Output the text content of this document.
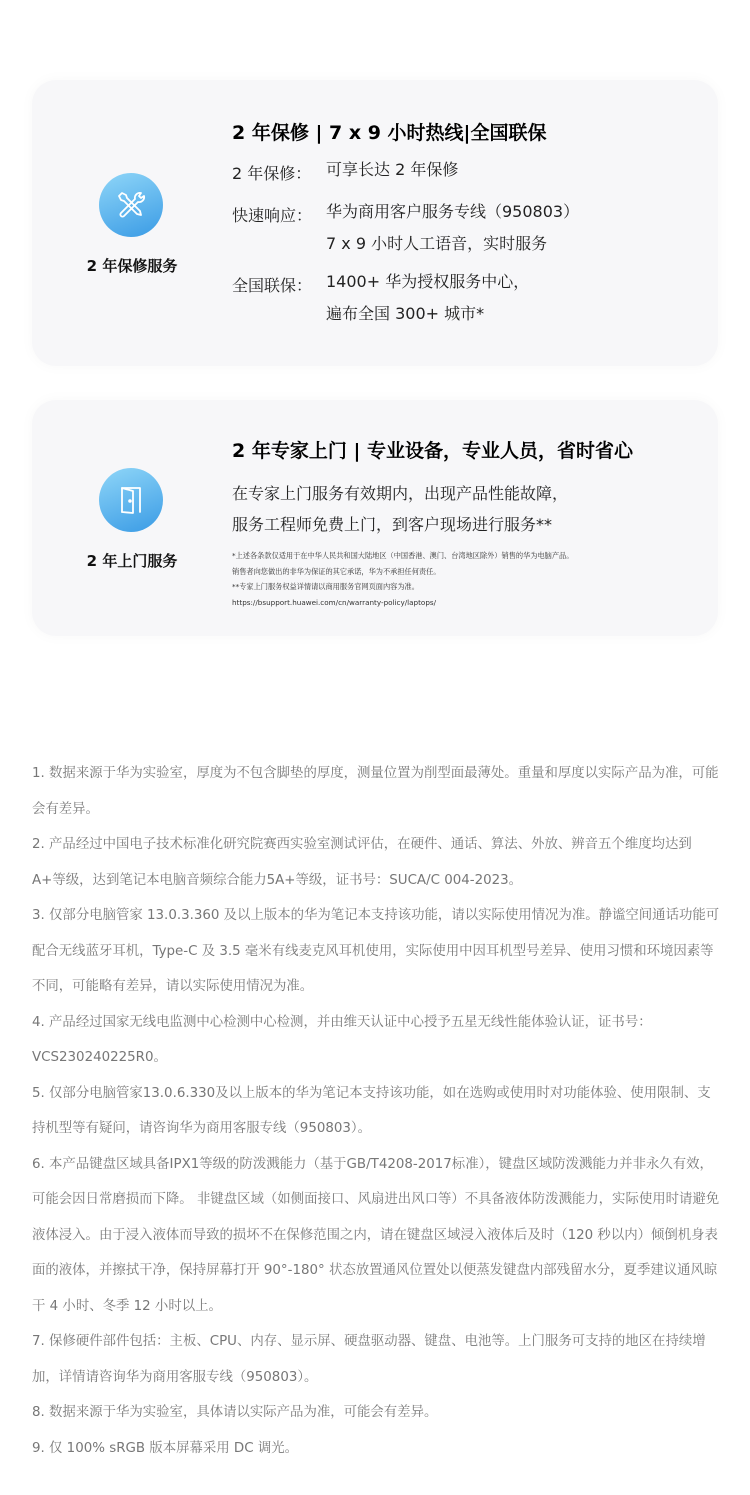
2 年保修服务
2 年保修 | 7 x 9 小时热线|全国联保
2 年保修： 可享长达 2 年保修
快速响应： 华为商用客户服务专线（950803）
7 x 9 小时人工语音，实时服务
全国联保： 1400+ 华为授权服务中心，
遍布全国 300+ 城市*
2 年上门服务
2 年专家上门 | 专业设备，专业人员，省时省心
在专家上门服务有效期内，出现产品性能故障，
服务工程师免费上门，到客户现场进行服务**
*上述各条款仅适用于在中华人民共和国大陆地区（中国香港、澳门、台湾地区除外）销售的华为电脑产品。
销售者向您做出的非华为保证的其它承诺，华为不承担任何责任。
**专家上门服务权益详情请以商用服务官网页面内容为准。
https://bsupport.huawei.com/cn/warranty-policy/laptops/

1. 数据来源于华为实验室，厚度为不包含脚垫的厚度，测量位置为削型面最薄处。重量和厚度以实际产品为准，可能会有差异。

2. 产品经过中国电子技术标准化研究院赛西实验室测试评估，在硬件、通话、算法、外放、辨音五个维度均达到A+等级，达到笔记本电脑音频综合能力5A+等级，证书号：SUCA/C 004-2023。

3. 仅部分电脑管家 13.0.3.360 及以上版本的华为笔记本支持该功能，请以实际使用情况为准。静谧空间通话功能可配合无线蓝牙耳机，Type-C 及 3.5 毫米有线麦克风耳机使用，实际使用中因耳机型号差异、使用习惯和环境因素等不同，可能略有差异，请以实际使用情况为准。

4. 产品经过国家无线电监测中心检测中心检测，并由维天认证中心授予五星无线性能体验认证，证书号：VCS230240225R0。

5. 仅部分电脑管家13.0.6.330及以上版本的华为笔记本支持该功能，如在选购或使用时对功能体验、使用限制、支持机型等有疑问，请咨询华为商用客服专线（950803）。

6. 本产品键盘区域具备IPX1等级的防泼溅能力（基于GB/T4208-2017标准），键盘区域防泼溅能力并非永久有效，可能会因日常磨损而下降。 非键盘区域（如侧面接口、风扇进出风口等）不具备液体防泼溅能力，实际使用时请避免液体浸入。由于浸入液体而导致的损坏不在保修范围之内，请在键盘区域浸入液体后及时（120 秒以内）倾倒机身表面的液体，并擦拭干净，保持屏幕打开 90°-180° 状态放置通风位置处以便蒸发键盘内部残留水分，夏季建议通风晾干 4 小时、冬季 12 小时以上。

7. 保修硬件部件包括：主板、CPU、内存、显示屏、硬盘驱动器、键盘、电池等。上门服务可支持的地区在持续增加，详情请咨询华为商用客服专线（950803）。

8. 数据来源于华为实验室，具体请以实际产品为准，可能会有差异。

9. 仅 100% sRGB 版本屏幕采用 DC 调光。
